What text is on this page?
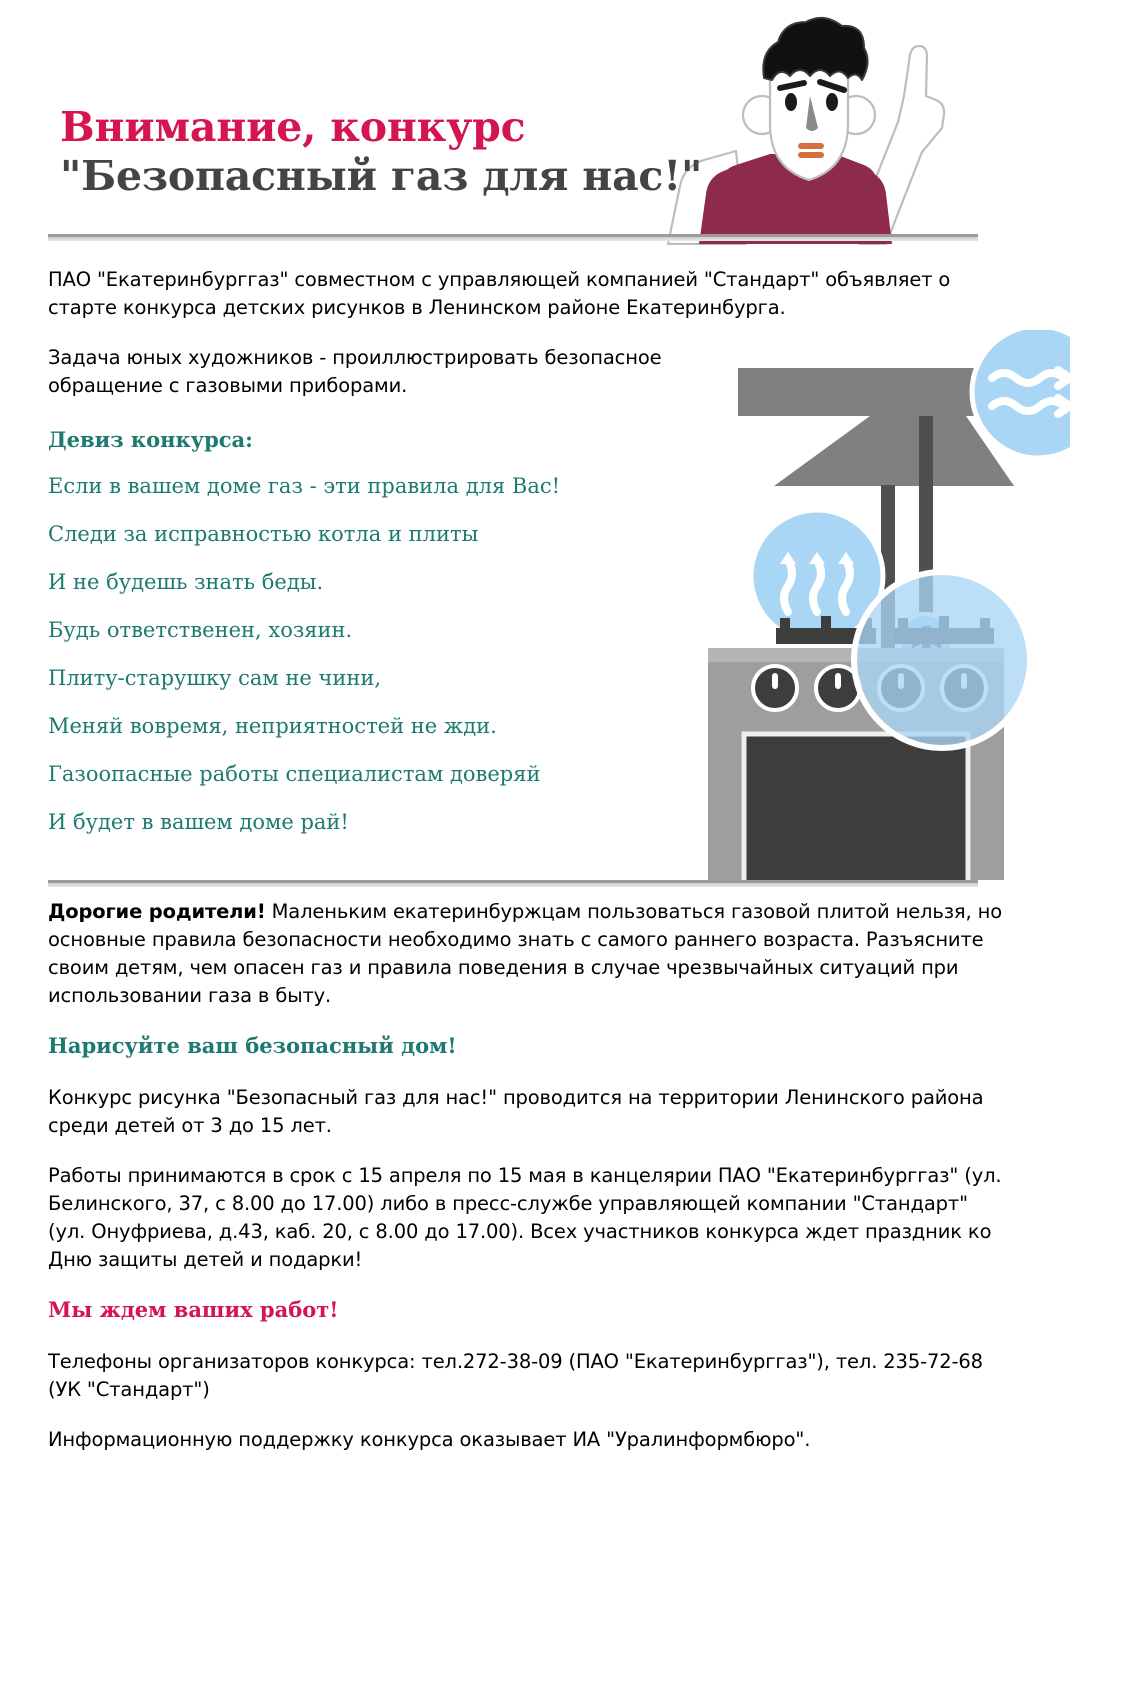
Внимание, конкурс
"Безопасный газ для нас!"

ПАО "Екатеринбурггаз" совместном с управляющей компанией "Стандарт" объявляет о старте конкурса детских рисунков в Ленинском районе Екатеринбурга.

Задача юных художников - проиллюстрировать безопасное обращение с газовыми приборами.

Девиз конкурса:
Если в вашем доме газ - эти правила для Вас!
Следи за исправностью котла и плиты
И не будешь знать беды.
Будь ответственен, хозяин.
Плиту-старушку сам не чини,
Меняй вовремя, неприятностей не жди.
Газоопасные работы специалистам доверяй
И будет в вашем доме рай!

Дорогие родители! Маленьким екатеринбуржцам пользоваться газовой плитой нельзя, но основные правила безопасности необходимо знать с самого раннего возраста. Разъясните своим детям, чем опасен газ и правила поведения в случае чрезвычайных ситуаций при использовании газа в быту.

Нарисуйте ваш безопасный дом!

Конкурс рисунка "Безопасный газ для нас!" проводится на территории Ленинского района среди детей от 3 до 15 лет.

Работы принимаются в срок с 15 апреля по 15 мая в канцелярии ПАО "Екатеринбурггаз" (ул. Белинского, 37, с 8.00 до 17.00) либо в пресс-службе управляющей компании "Стандарт" (ул. Онуфриева, д.43, каб. 20, с 8.00 до 17.00). Всех участников конкурса ждет праздник ко Дню защиты детей и подарки!

Мы ждем ваших работ!

Телефоны организаторов конкурса: тел.272-38-09 (ПАО "Екатеринбурггаз"), тел. 235-72-68 (УК "Стандарт")

Информационную поддержку конкурса оказывает ИА "Уралинформбюро".
